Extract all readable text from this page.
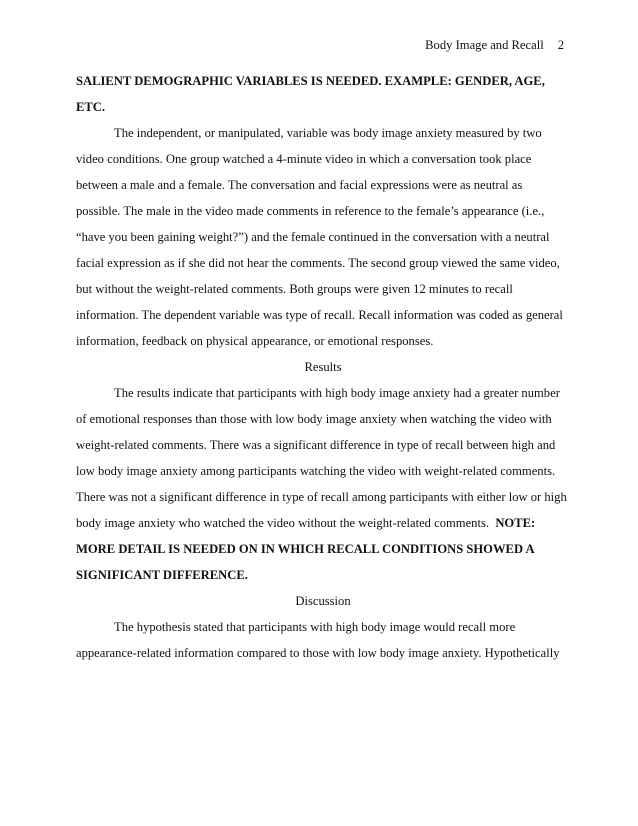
Body Image and Recall 2
SALIENT DEMOGRAPHIC VARIABLES IS NEEDED. EXAMPLE: GENDER, AGE,
ETC.
The independent, or manipulated, variable was body image anxiety measured by two
video conditions. One group watched a 4-minute video in which a conversation took place
between a male and a female. The conversation and facial expressions were as neutral as
possible. The male in the video made comments in reference to the female’s appearance (i.e.,
“have you been gaining weight?”) and the female continued in the conversation with a neutral
facial expression as if she did not hear the comments. The second group viewed the same video,
but without the weight-related comments. Both groups were given 12 minutes to recall
information. The dependent variable was type of recall. Recall information was coded as general
information, feedback on physical appearance, or emotional responses.
Results
The results indicate that participants with high body image anxiety had a greater number
of emotional responses than those with low body image anxiety when watching the video with
weight-related comments. There was a significant difference in type of recall between high and
low body image anxiety among participants watching the video with weight-related comments.
There was not a significant difference in type of recall among participants with either low or high
body image anxiety who watched the video without the weight-related comments. NOTE:
MORE DETAIL IS NEEDED ON IN WHICH RECALL CONDITIONS SHOWED A
SIGNIFICANT DIFFERENCE.
Discussion
The hypothesis stated that participants with high body image would recall more
appearance-related information compared to those with low body image anxiety. Hypothetically
